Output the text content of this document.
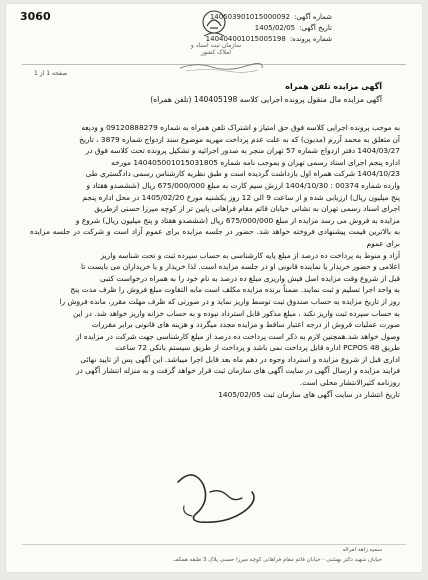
3060
سازمان ثبت اسناد و املاک کشور
شماره آگهی:140503901015000092
تاریخ آگهی:1405/02/05
شماره پرونده:140404001015005198
صفحه 1 از 1
آگهی مزایده تلفن همراه
آگهی مزایده مال منقول پرونده اجرایی کلاسه 140405198 (تلفن همراه)
به موجب پرونده اجرایی کلاسه فوق حق امتیاز و اشتراک تلفن همراه به شماره 09120888279 و ودیعه
آن متعلق به محمد آررم (مدیون) که به علت عدم پرداخت مهریه موضوع سند ازدواج شماره 3879 ، تاریخ
1404/03/27 دفتر ازدواج شماره 57 تهران منجر به صدور اجرائیه و تشکیل پرونده تحت کلاسه فوق در
اداره پنجم اجرای اسناد رسمی تهران و بموجب نامه شماره 140405001015031805 مورخه
1404/10/23 شرکت همراه اول بازداشت گردیده است و طبق نظریه کارشناس رسمی دادگستری طی
وارده شماره 00374 : 1404/10/30 ارزش سیم کارت به مبلغ 675/000/000 ریال (ششصدو هفتاد و
پنج میلیون ریال) ارزیابی شده و از ساعت 9 الی 12 روز یکشنبه مورخ 1405/02/20 در محل اداره پنجم
اجرای اسناد رسمی تهران به نشانی خیابان قائم مقام فراهانی پایین تر از کوچه میرزا حسنی ازطریق
مزایده به فروش می رسد مزایده از مبلغ 675/000/000 ریال (ششصدو هفتاد و پنج میلیون ریال) شروع و
به بالاترین قیمت پیشنهادی فروخته خواهد شد. حضور در جلسه مزایده برای عموم آزاد است و شرکت در جلسه مزایده برای عموم
آزاد و منوط به پرداخت ده درصد از مبلغ پایه کارشناسی به حساب سپرده ثبت و تحت شناسه واریز
اعلامی و حضور خریدار یا نماینده قانونی او در جلسه مزایده است. لذا خریدار و یا خریداران می بایست تا
قبل از شروع وقت مزایده اصل فیش واریزی مبلغ ده درصد به نام خود را به همراه درخواست کتبی
به واحد اجرا تسلیم و ثبت نمایند. ضمناً برنده مزایده مکلف است مابه التفاوت مبلغ فروش را ظرف مدت پنج
روز از تاریخ مزایده به حساب صندوق ثبت توسط واریز نماید و در صورتی که ظرف مهلت مقرر، مانده فروش را
به حساب سپرده ثبت واریز نکند ، مبلغ مذکور قابل استرداد نبوده و به حساب خزانه واریز خواهد شد. در این
صورت عملیات فروش از درجه اعتبار ساقط و مزایده مجدد میگردد و هزینه های قانونی برابر مقررات
وصول خواهد شد.همچنین لازم به ذکر است پرداخت ده درصد از مبلغ کارشناسی جهت شرکت در مزایده از
طریق 48 PCPOS اداره قابل پرداخت نمی باشد و پرداخت از طریق سیستم بانکی 72 ساعت
اداری قبل از شروع مزایده و استرداد وجوه در دهم ماه بعد قابل اجرا میباشد. این آگهی پس از تایید نهائی
فرایند مزایده و ارسال آگهی در سایت آگهی های سازمان ثبت قرار خواهد گرفت و به منزله انتشار آگهی در
روزنامه کثیرالانتشار محلی است.
تاریخ انتشار در سایت آگهی های سازمان ثبت 1405/02/05
سمیه زاهد امراله
خیابان شهید دکتر بهشتی - خیابان قائم مقام فراهانی کوچه میرزا حسنی پلاک 3 طبقه همکف
